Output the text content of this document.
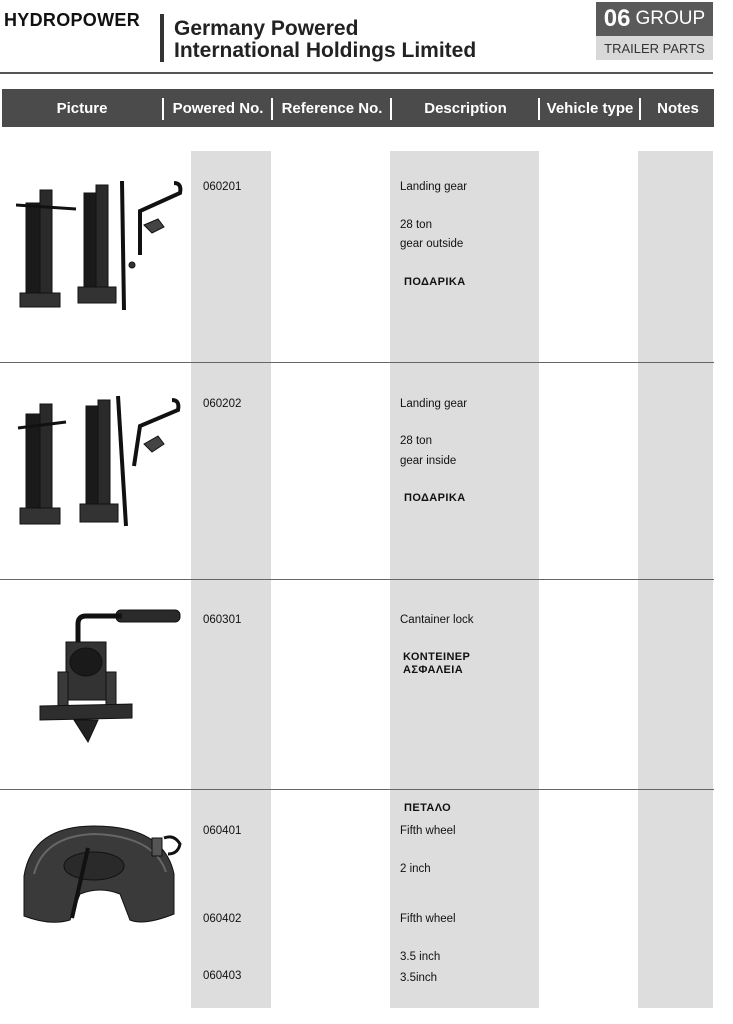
HYDROPOWER Germany Powered
International Holdings Limited
06 GROUP
TRAILER PARTS
Picture	Powered No.	Reference No.	Description	Vehicle type	Notes
060201	Landing gear
28 ton
gear outside
ΠΟΔΑΡΙΚΑ
060202	Landing gear
28 ton
gear inside
ΠΟΔΑΡΙΚΑ
060301	Cantainer lock
ΚΟΝΤΕΙΝΕΡ
ΑΣΦΑΛΕΙΑ
ΠΕΤΑΛΟ
060401	Fifth wheel
2 inch
060402	Fifth wheel
3.5 inch
060403	3.5inch
